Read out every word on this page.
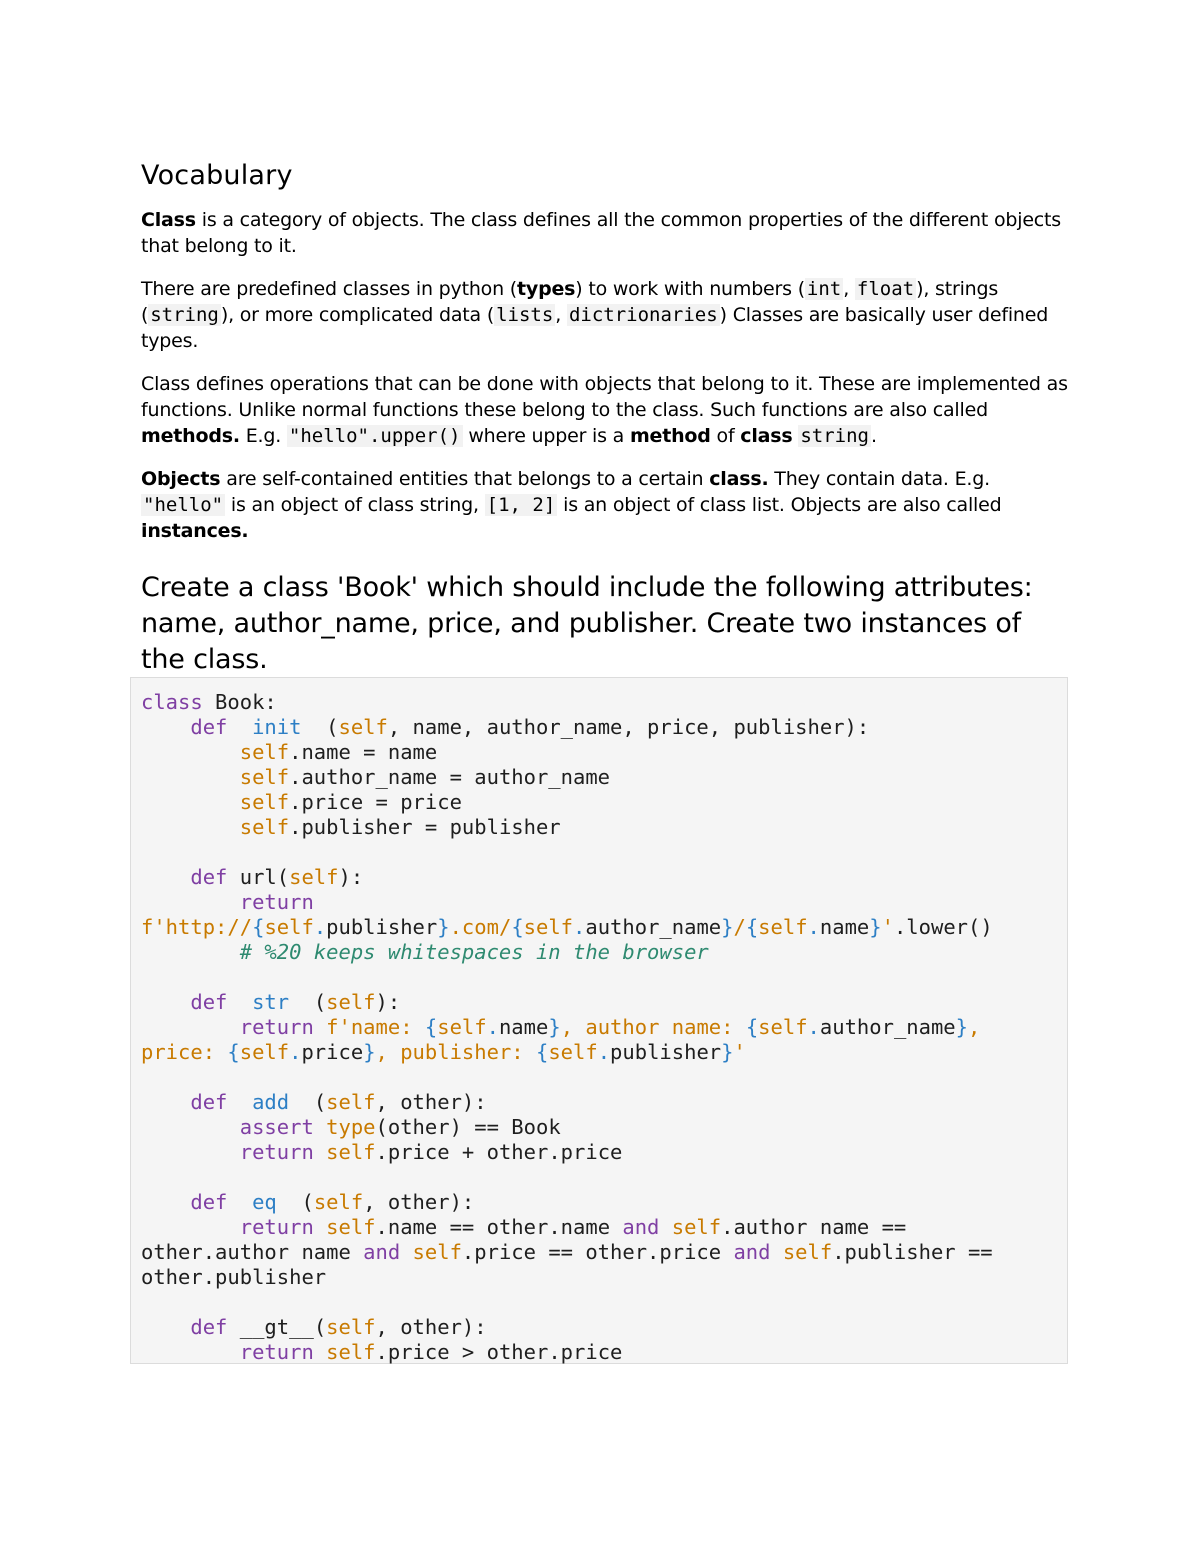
Vocabulary

Class is a category of objects. The class defines all the common properties of the different objects that belong to it.

There are predefined classes in python (types) to work with numbers ( int , float ), strings ( string ), or more complicated data ( lists , dictrionaries ) Classes are basically user defined types.

Class defines operations that can be done with objects that belong to it. These are implemented as functions. Unlike normal functions these belong to the class. Such functions are also called methods. E.g. "hello".upper() where upper is a method of class string .

Objects are self-contained entities that belongs to a certain class. They contain data. E.g. "hello" is an object of class string, [1, 2] is an object of class list. Objects are also called instances.

Create a class 'Book' which should include the following attributes: name, author_name, price, and publisher. Create two instances of the class.
class Book:
def  init  (self, name, author_name, price, publisher):
self.name = name
self.author_name = author_name
self.price = price
self.publisher = publisher

def url(self):
return
f'http://{self.publisher}.com/{self.author_name}/{self.name}'.lower()
# %20 keeps whitespaces in the browser

def  str  (self):
return f'name: {self.name}, author name: {self.author_name},
price: {self.price}, publisher: {self.publisher}'

def  add  (self, other):
assert type(other) == Book
return self.price + other.price

def  eq  (self, other):
return self.name == other.name and self.author name ==
other.author name and self.price == other.price and self.publisher ==
other.publisher

def __gt__(self, other):
return self.price > other.price
